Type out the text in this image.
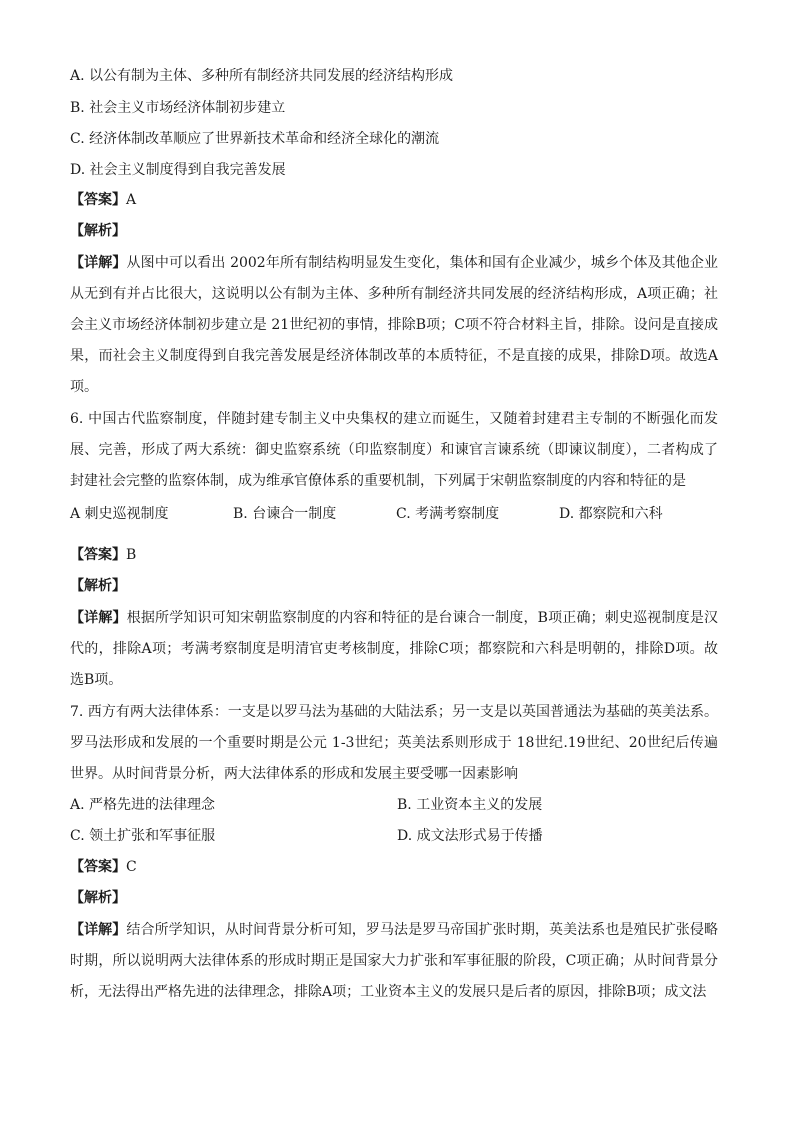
A. 以公有制为主体、多种所有制经济共同发展的经济结构形成
B. 社会主义市场经济体制初步建立
C. 经济体制改革顺应了世界新技术革命和经济全球化的潮流
D. 社会主义制度得到自我完善发展
【答案】A
【解析】
【详解】从图中可以看出 2002年所有制结构明显发生变化，集体和国有企业减少，城乡个体及其他企业从无到有并占比很大，这说明以公有制为主体、多种所有制经济共同发展的经济结构形成，A项正确；社会主义市场经济体制初步建立是 21世纪初的事情，排除B项；C项不符合材料主旨，排除。设问是直接成果，而社会主义制度得到自我完善发展是经济体制改革的本质特征，不是直接的成果，排除D项。故选A项。
6. 中国古代监察制度，伴随封建专制主义中央集权的建立而诞生，又随着封建君主专制的不断强化而发展、完善，形成了两大系统：御史监察系统（印监察制度）和谏官言谏系统（即谏议制度），二者构成了封建社会完整的监察体制，成为维承官僚体系的重要机制，下列属于宋朝监察制度的内容和特征的是
A 刺史巡视制度	B. 台谏合一制度	C. 考满考察制度	D. 都察院和六科
【答案】B
【解析】
【详解】根据所学知识可知宋朝监察制度的内容和特征的是台谏合一制度，B项正确；刺史巡视制度是汉代的，排除A项；考满考察制度是明清官吏考核制度，排除C项；都察院和六科是明朝的，排除D项。故选B项。
7. 西方有两大法律体系：一支是以罗马法为基础的大陆法系；另一支是以英国普通法为基础的英美法系。罗马法形成和发展的一个重要时期是公元 1-3世纪；英美法系则形成于 18世纪.19世纪、20世纪后传遍世界。从时间背景分析，两大法律体系的形成和发展主要受哪一因素影响
A. 严格先进的法律理念	B. 工业资本主义的发展
C. 领土扩张和军事征服	D. 成文法形式易于传播
【答案】C
【解析】
【详解】结合所学知识，从时间背景分析可知，罗马法是罗马帝国扩张时期，英美法系也是殖民扩张侵略时期，所以说明两大法律体系的形成时期正是国家大力扩张和军事征服的阶段，C项正确；从时间背景分析，无法得出严格先进的法律理念，排除A项；工业资本主义的发展只是后者的原因，排除B项；成文法
